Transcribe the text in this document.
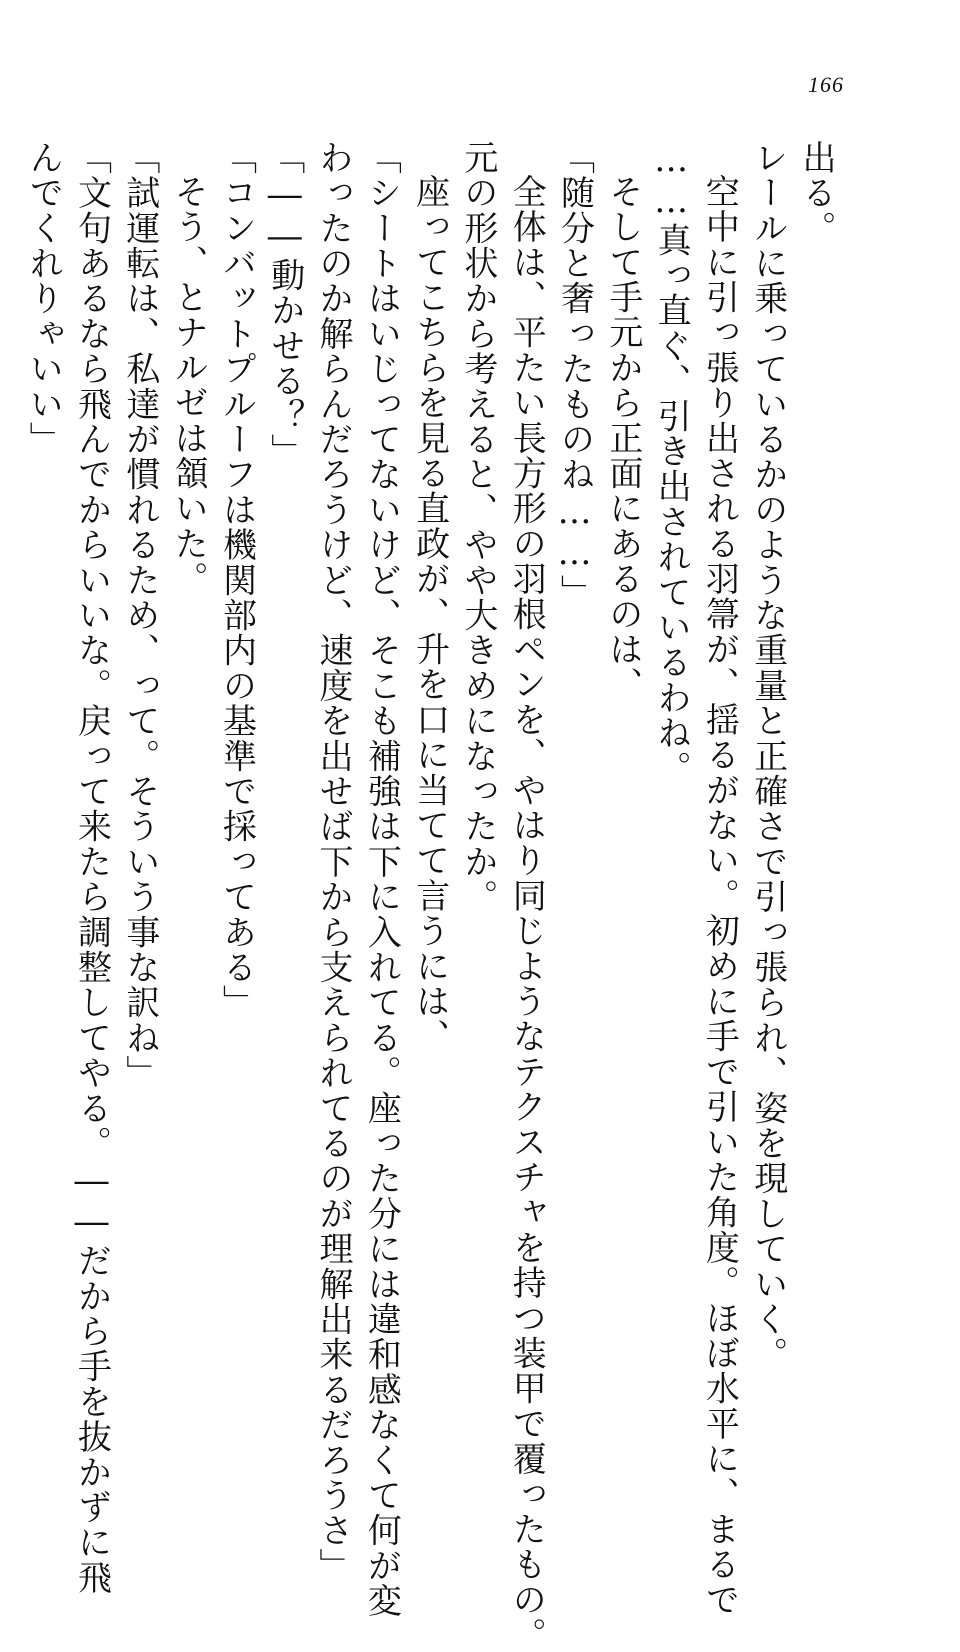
166
出る。
レールに乗っているかのような重量と正確さで引っ張られ、姿を現していく。
空中に引っ張り出される羽箒が、揺るがない。初めに手で引いた角度。ほぼ水平に、まるで
……真っ直ぐ、引き出されているわね。
そして手元から正面にあるのは、
「随分と奢ったものね……」
全体は、平たい長方形の羽根ペンを、やはり同じようなテクスチャを持つ装甲で覆ったもの。
元の形状から考えると、やや大きめになったか。
座ってこちらを見る直政が、升を口に当てて言うには、
「シートはいじってないけど、そこも補強は下に入れてる。座った分には違和感なくて何が変
わったのか解らんだろうけど、速度を出せば下から支えられてるのが理解出来るだろうさ」
「――動かせる？」
「コンバットプルーフは機関部内の基準で採ってある」
そう、とナルゼは頷いた。
「試運転は、私達が慣れるため、って。そういう事な訳ね」
「文句あるなら飛んでからいいな。戻って来たら調整してやる。――だから手を抜かずに飛
んでくれりゃいい」
